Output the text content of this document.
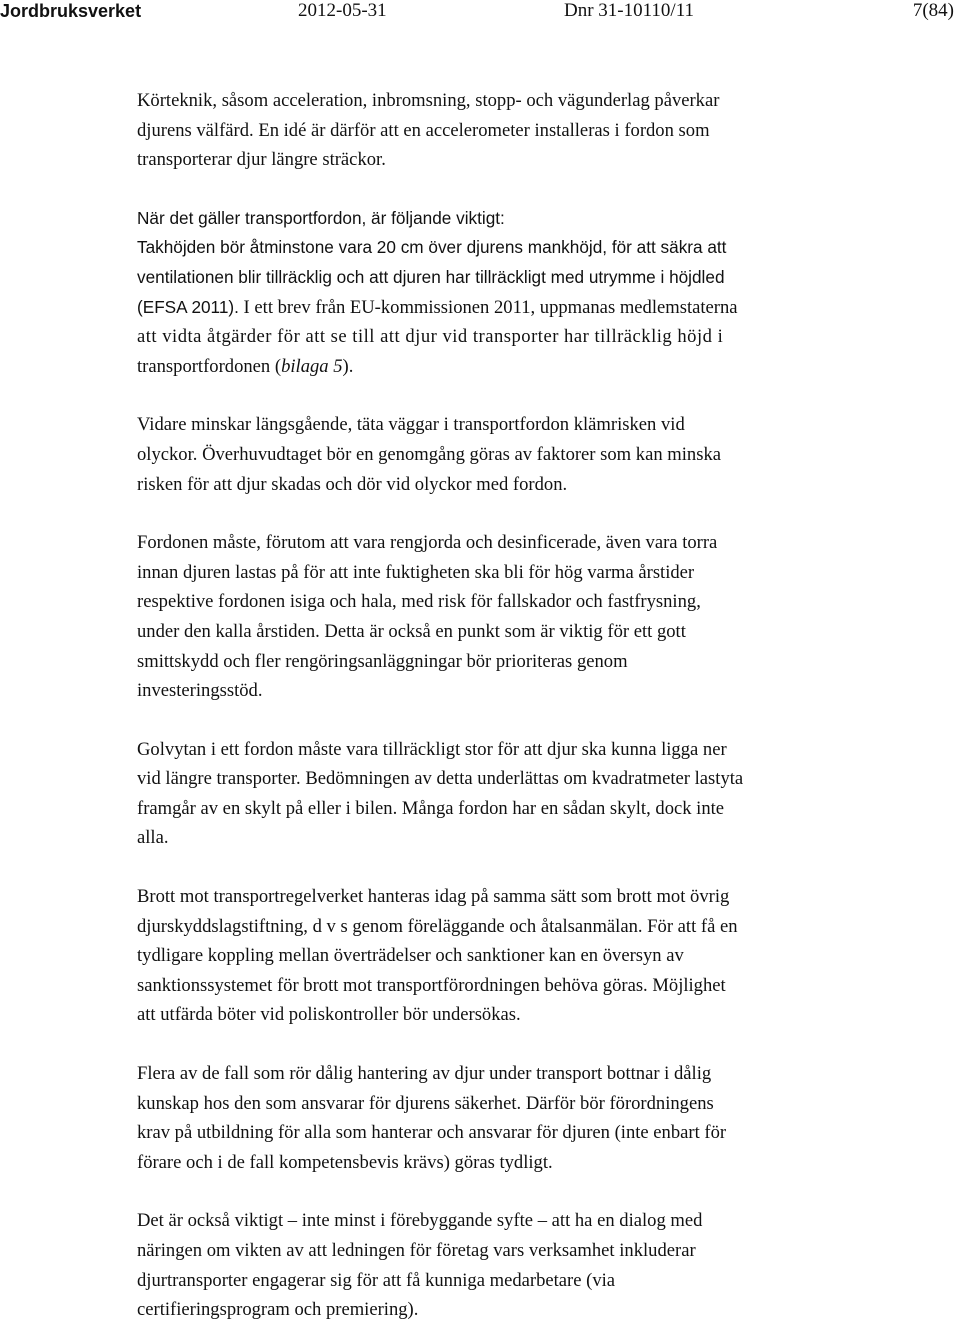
Jordbruksverket	2012-05-31	Dnr 31-10110/11	7(84)

Körteknik, såsom acceleration, inbromsning, stopp- och vägunderlag påverkar
djurens välfärd. En idé är därför att en accelerometer installeras i fordon som
transporterar djur längre sträckor.

När det gäller transportfordon, är följande viktigt:
Takhöjden bör åtminstone vara 20 cm över djurens mankhöjd, för att säkra att
ventilationen blir tillräcklig och att djuren har tillräckligt med utrymme i höjdled
(EFSA 2011). I ett brev från EU-kommissionen 2011, uppmanas medlemstaterna
att vidta åtgärder för att se till att djur vid transporter har tillräcklig höjd i
transportfordonen (bilaga 5).

Vidare minskar längsgående, täta väggar i transportfordon klämrisken vid
olyckor. Överhuvudtaget bör en genomgång göras av faktorer som kan minska
risken för att djur skadas och dör vid olyckor med fordon.

Fordonen måste, förutom att vara rengjorda och desinficerade, även vara torra
innan djuren lastas på för att inte fuktigheten ska bli för hög varma årstider
respektive fordonen isiga och hala, med risk för fallskador och fastfrysning,
under den kalla årstiden. Detta är också en punkt som är viktig för ett gott
smittskydd och fler rengöringsanläggningar bör prioriteras genom
investeringsstöd.

Golvytan i ett fordon måste vara tillräckligt stor för att djur ska kunna ligga ner
vid längre transporter. Bedömningen av detta underlättas om kvadratmeter lastyta
framgår av en skylt på eller i bilen. Många fordon har en sådan skylt, dock inte
alla.

Brott mot transportregelverket hanteras idag på samma sätt som brott mot övrig
djurskyddslagstiftning, d v s genom föreläggande och åtalsanmälan. För att få en
tydligare koppling mellan överträdelser och sanktioner kan en översyn av
sanktionssystemet för brott mot transportförordningen behöva göras. Möjlighet
att utfärda böter vid poliskontroller bör undersökas.

Flera av de fall som rör dålig hantering av djur under transport bottnar i dålig
kunskap hos den som ansvarar för djurens säkerhet. Därför bör förordningens
krav på utbildning för alla som hanterar och ansvarar för djuren (inte enbart för
förare och i de fall kompetensbevis krävs) göras tydligt.

Det är också viktigt – inte minst i förebyggande syfte – att ha en dialog med
näringen om vikten av att ledningen för företag vars verksamhet inkluderar
djurtransporter engagerar sig för att få kunniga medarbetare (via
certifieringsprogram och premiering).
